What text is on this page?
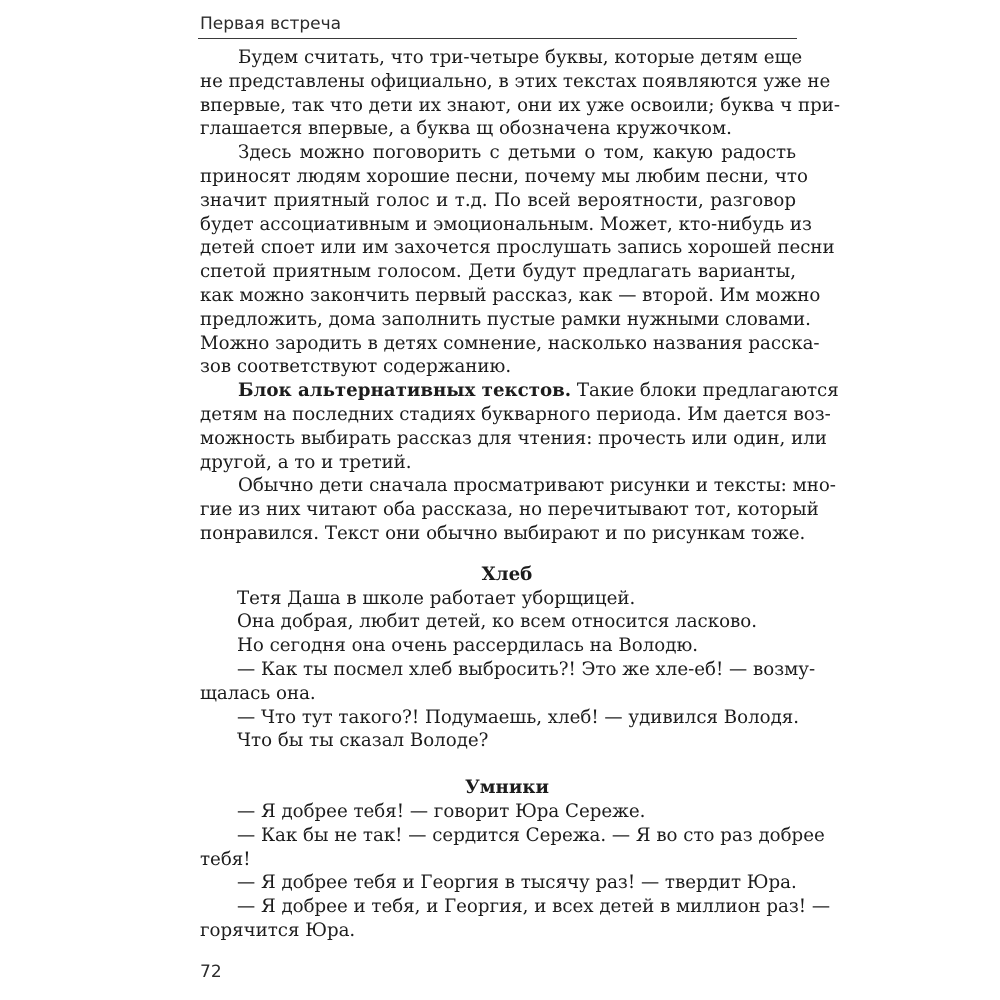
Первая встреча
Будем считать, что три-четыре буквы, которые детям еще
не представлены официально, в этих текстах появляются уже не
впервые, так что дети их знают, они их уже освоили; буква ч при-
глашается впервые, а буква щ обозначена кружочком.
Здесь можно поговорить с детьми о том, какую радость
приносят людям хорошие песни, почему мы любим песни, что
значит приятный голос и т.д. По всей вероятности, разговор
будет ассоциативным и эмоциональным. Может, кто-нибудь из
детей споет или им захочется прослушать запись хорошей песни
спетой приятным голосом. Дети будут предлагать варианты,
как можно закончить первый рассказ, как — второй. Им можно
предложить, дома заполнить пустые рамки нужными словами.
Можно зародить в детях сомнение, насколько названия расска-
зов соответствуют содержанию.
Блок альтернативных текстов. Такие блоки предлагаются
детям на последних стадиях букварного периода. Им дается воз-
можность выбирать рассказ для чтения: прочесть или один, или
другой, а то и третий.
Обычно дети сначала просматривают рисунки и тексты: мно-
гие из них читают оба рассказа, но перечитывают тот, который
понравился. Текст они обычно выбирают и по рисункам тоже.
Хлеб
Тетя Даша в школе работает уборщицей.
Она добрая, любит детей, ко всем относится ласково.
Но сегодня она очень рассердилась на Володю.
— Как ты посмел хлеб выбросить?! Это же хле-еб! — возму-
щалась она.
— Что тут такого?! Подумаешь, хлеб! — удивился Володя.
Что бы ты сказал Володе?
Умники
— Я добрее тебя! — говорит Юра Сереже.
— Как бы не так! — сердится Сережа. — Я во сто раз добрее
тебя!
— Я добрее тебя и Георгия в тысячу раз! — твердит Юра.
— Я добрее и тебя, и Георгия, и всех детей в миллион раз! —
горячится Юра.
72
